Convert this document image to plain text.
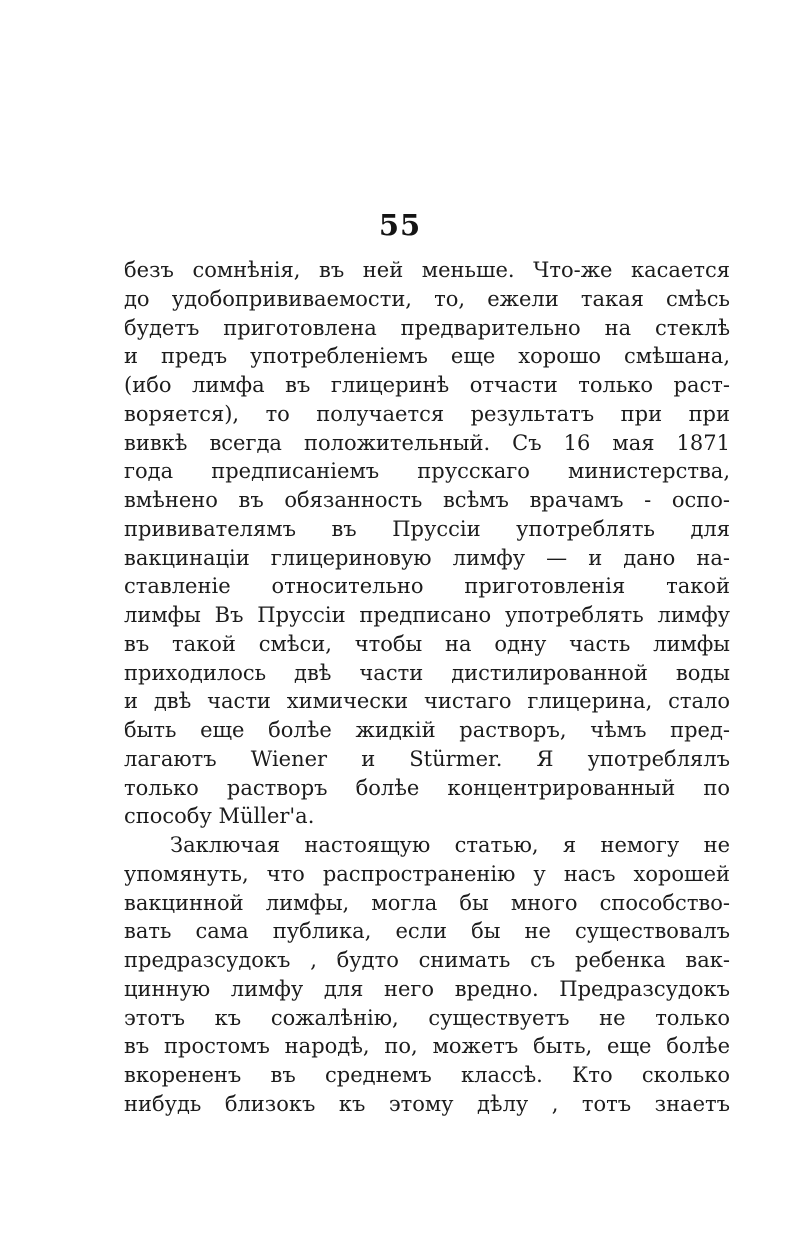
55
безъ сомнѣнія, въ ней меньше. Что-же касается
до удобопрививаемости, то, ежели такая смѣсь
будетъ приготовлена предварительно на стеклѣ
и предъ употребленіемъ еще хорошо смѣшана,
(ибо лимфа въ глицеринѣ отчасти только раст-
воряется), то получается результатъ при при
вивкѣ всегда положительный. Съ 16 мая 1871
года предписаніемъ прусскаго министерства,
вмѣнено въ обязанность всѣмъ врачамъ - оспо-
прививателямъ въ Пруссіи употреблять для
вакцинаціи глицериновую лимфу — и дано на-
ставленіе относительно приготовленія такой
лимфы Въ Пруссіи предписано употреблять лимфу
въ такой смѣси, чтобы на одну часть лимфы
приходилось двѣ части дистилированной воды
и двѣ части химически чистаго глицерина, стало
быть еще болѣе жидкій растворъ, чѣмъ пред-
лагаютъ Wiener и Stürmer. Я употреблялъ
только растворъ болѣе концентрированный по
способу Müller'a.
Заключая настоящую статью, я немогу не
упомянуть, что распространенію у насъ хорошей
вакцинной лимфы, могла бы много способство-
вать сама публика, если бы не существовалъ
предразсудокъ , будто снимать съ ребенка вак-
цинную лимфу для него вредно. Предразсудокъ
этотъ къ сожалѣнію, существуетъ не только
въ простомъ народѣ, по, можетъ быть, еще болѣе
вкорененъ въ среднемъ классѣ. Кто сколько
нибудь близокъ къ этому дѣлу , тотъ знаетъ
